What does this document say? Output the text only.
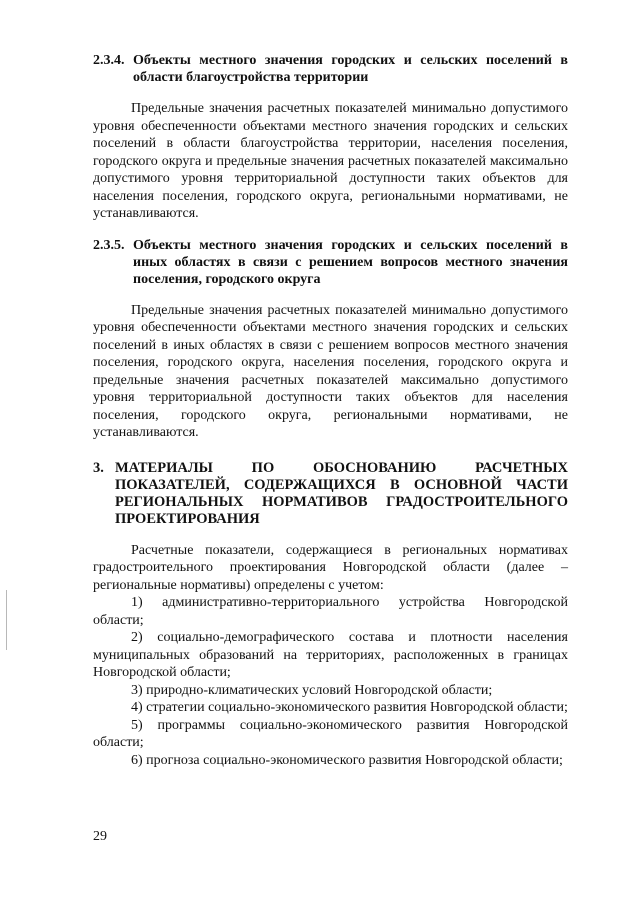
2.3.4. Объекты местного значения городских и сельских поселений в области благоустройства территории

Предельные значения расчетных показателей минимально допустимого уровня обеспеченности объектами местного значения городских и сельских поселений в области благоустройства территории, населения поселения, городского округа и предельные значения расчетных показателей максимально допустимого уровня территориальной доступности таких объектов для населения поселения, городского округа, региональными нормативами, не устанавливаются.

2.3.5. Объекты местного значения городских и сельских поселений в иных областях в связи с решением вопросов местного значения поселения, городского округа

Предельные значения расчетных показателей минимально допустимого уровня обеспеченности объектами местного значения городских и сельских поселений в иных областях в связи с решением вопросов местного значения поселения, городского округа, населения поселения, городского округа и предельные значения расчетных показателей максимально допустимого уровня территориальной доступности таких объектов для населения поселения, городского округа, региональными нормативами, не устанавливаются.

3. МАТЕРИАЛЫ ПО ОБОСНОВАНИЮ РАСЧЕТНЫХ ПОКАЗАТЕЛЕЙ, СОДЕРЖАЩИХСЯ В ОСНОВНОЙ ЧАСТИ РЕГИОНАЛЬНЫХ НОРМАТИВОВ ГРАДОСТРОИТЕЛЬНОГО ПРОЕКТИРОВАНИЯ

Расчетные показатели, содержащиеся в региональных нормативах градостроительного проектирования Новгородской области (далее – региональные нормативы) определены с учетом:

1) административно-территориального устройства Новгородской области;

2) социально-демографического состава и плотности населения муниципальных образований на территориях, расположенных в границах Новгородской области;

3) природно-климатических условий Новгородской области;

4) стратегии социально-экономического развития Новгородской области;

5) программы социально-экономического развития Новгородской области;

6) прогноза социально-экономического развития Новгородской области;

29
